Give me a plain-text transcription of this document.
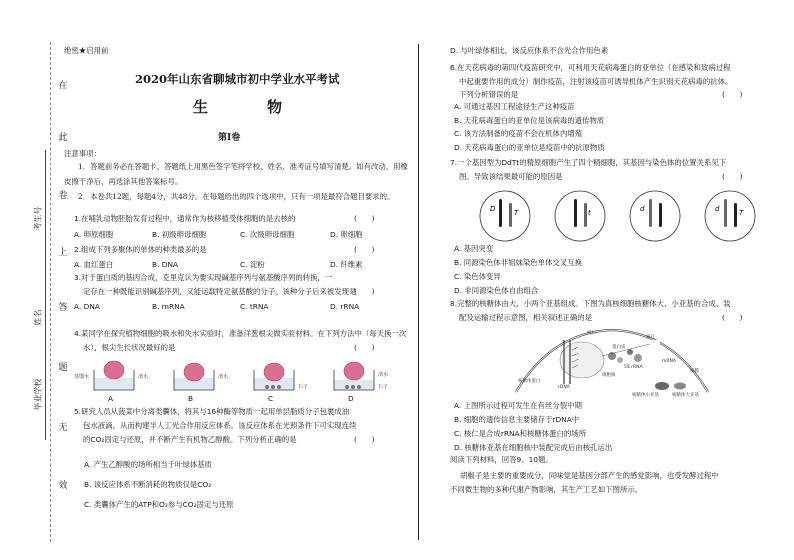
在
此
卷
上
答
题
无
效
考生号
姓名
毕业学校
绝密★启用前
2020年山东省聊城市初中学业水平考试
生　物
第Ⅰ卷
注意事项：
1．答题前务必在答题卡、答题纸上用黑色签字笔将学校、姓名、准考证号填写清楚。如有改动，用橡
皮擦干净后，再选涂其他答案标号。
2．本卷共12题，每题4分，共48分。在每题给出的四个选项中，只有一项是最符合题目要求的。
1.在哺乳动物胚胎发育过程中，通常作为核移植受体细胞的是去核的	(　　)
A. 卵原细胞	B. 初级卵母细胞	C. 次级卵母细胞	D. 卵细胞
2.组成下列多聚体的单体的种类最多的是	(　　)
A. 血红蛋白	B. DNA	C. 淀粉	D. 纤维素
3.对于蛋白质的基因合成，克里克认为要实现碱基序列与氨基酸序列的转换，一
定存在一种既能识别碱基序列，又能运载特定氨基酸的分子。该种分子后来被发现是
(　　)
A. DNA	B. mRNA	C. tRNA	D. rRNA
4.某同学在探究植物细胞的吸水和失水实验时，准备洋葱根尖做实验材料。在下列方法中（每天换一次
水），根尖生长状况最好的是	(　　)
A	B	C	D
5.研究人员从菠菜中分离类囊体，将其与16种酶等物质一起用单层脂质分子包裹成油
包水液滴，从而构建半人工光合作用反应体系。该反应体系在光照条件下可实现连续
的CO₂固定与还原，并不断产生有机物乙醇酸。下列分析正确的是	(　　)
A. 产生乙醇酸的场所相当于叶绿体基质
B. 该反应体系不断消耗的物质仅是CO₂
C. 类囊体产生的ATP和O₂参与CO₂固定与还原
蒸馏水	清水	清水	清水
石子	石子
D. 与叶绿体相比，该反应体系不含光合作用色素
6.在天花病毒的第四代疫苗研究中，可利用天花病毒蛋白的亚单位（在感染和致病过程
中起重要作用的成分）制作疫苗，注射该疫苗可诱导机体产生识别天花病毒的抗体。
下列分析错误的是	(　　)
A. 可通过基因工程途径生产这种疫苗
B. 天花病毒蛋白的亚单位是该病毒的遗传物质
C. 该方法制备的疫苗不会在机体内增殖
D. 天花病毒蛋白的亚单位是疫苗中的抗原物质
7.一个基因型为DdTt的精原细胞产生了四个精细胞，其基因与染色体的位置关系见下
图。导致该结果最可能的原因是	(　　)
A. 基因突变
B. 同源染色体非姐妹染色单体交叉互换
C. 染色体变异
D. 非同源染色体自由组合
8.完整的核糖体由大、小两个亚基组成。下图为真核细胞核糖体大、小亚基的合成、装
配及运输过程示意图，相关叙述正确的是	(　　)
A. 上图所示过程可发生在有丝分裂中期
B. 细胞的遗传信息主要储存于rDNA中
C. 核仁是合成rRNA和核糖体蛋白的场所
D. 核糖体亚基在细胞核中装配完成后由核孔运出
阅读下列材料，回答9、10题。
胡椒子是主要的重要成分，同味觉是基因分部产生的感觉影响，也受发酵过程中
不同微生物的多种代谢产物影响，其生产工艺如下图所示。
D	T	t	d	d	T
核仁
rDNA
核孔
核糖体蛋白
细胞核
核膜
蛋白质
5S rRNA
核糖体小亚基	核糖体大亚基
mRNA
